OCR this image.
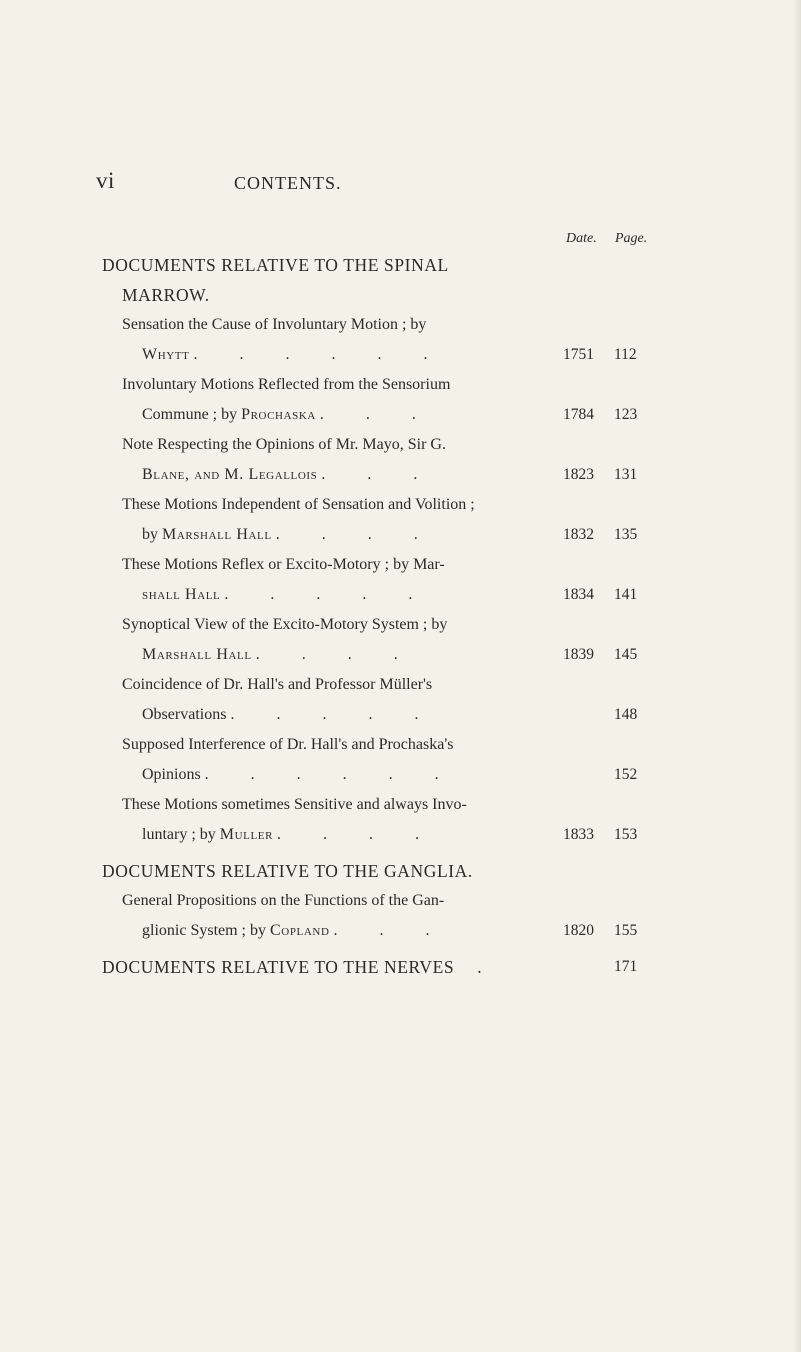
vi	CONTENTS.
Date. Page.
DOCUMENTS RELATIVE TO THE SPINAL
MARROW.
Sensation the Cause of Involuntary Motion ; by
Whytt . . . . . .	1751 112
Involuntary Motions Reflected from the Sensorium
Commune ; by Prochaska . . .	1784 123
Note Respecting the Opinions of Mr. Mayo, Sir G.
Blane, and M. Legallois . . .	1823 131
These Motions Independent of Sensation and Volition ;
by Marshall Hall . . . .	1832 135
These Motions Reflex or Excito-Motory ; by Mar-
shall Hall . . . . .	1834 141
Synoptical View of the Excito-Motory System ; by
Marshall Hall . . . .	1839 145
Coincidence of Dr. Hall's and Professor Müller's
Observations . . . . .	148
Supposed Interference of Dr. Hall's and Prochaska's
Opinions . . . . . .	152
These Motions sometimes Sensitive and always Invo-
luntary ; by Muller . . . .	1833 153
DOCUMENTS RELATIVE TO THE GANGLIA.
General Propositions on the Functions of the Gan-
glionic System ; by Copland . . .	1820 155
DOCUMENTS RELATIVE TO THE NERVES .	171
